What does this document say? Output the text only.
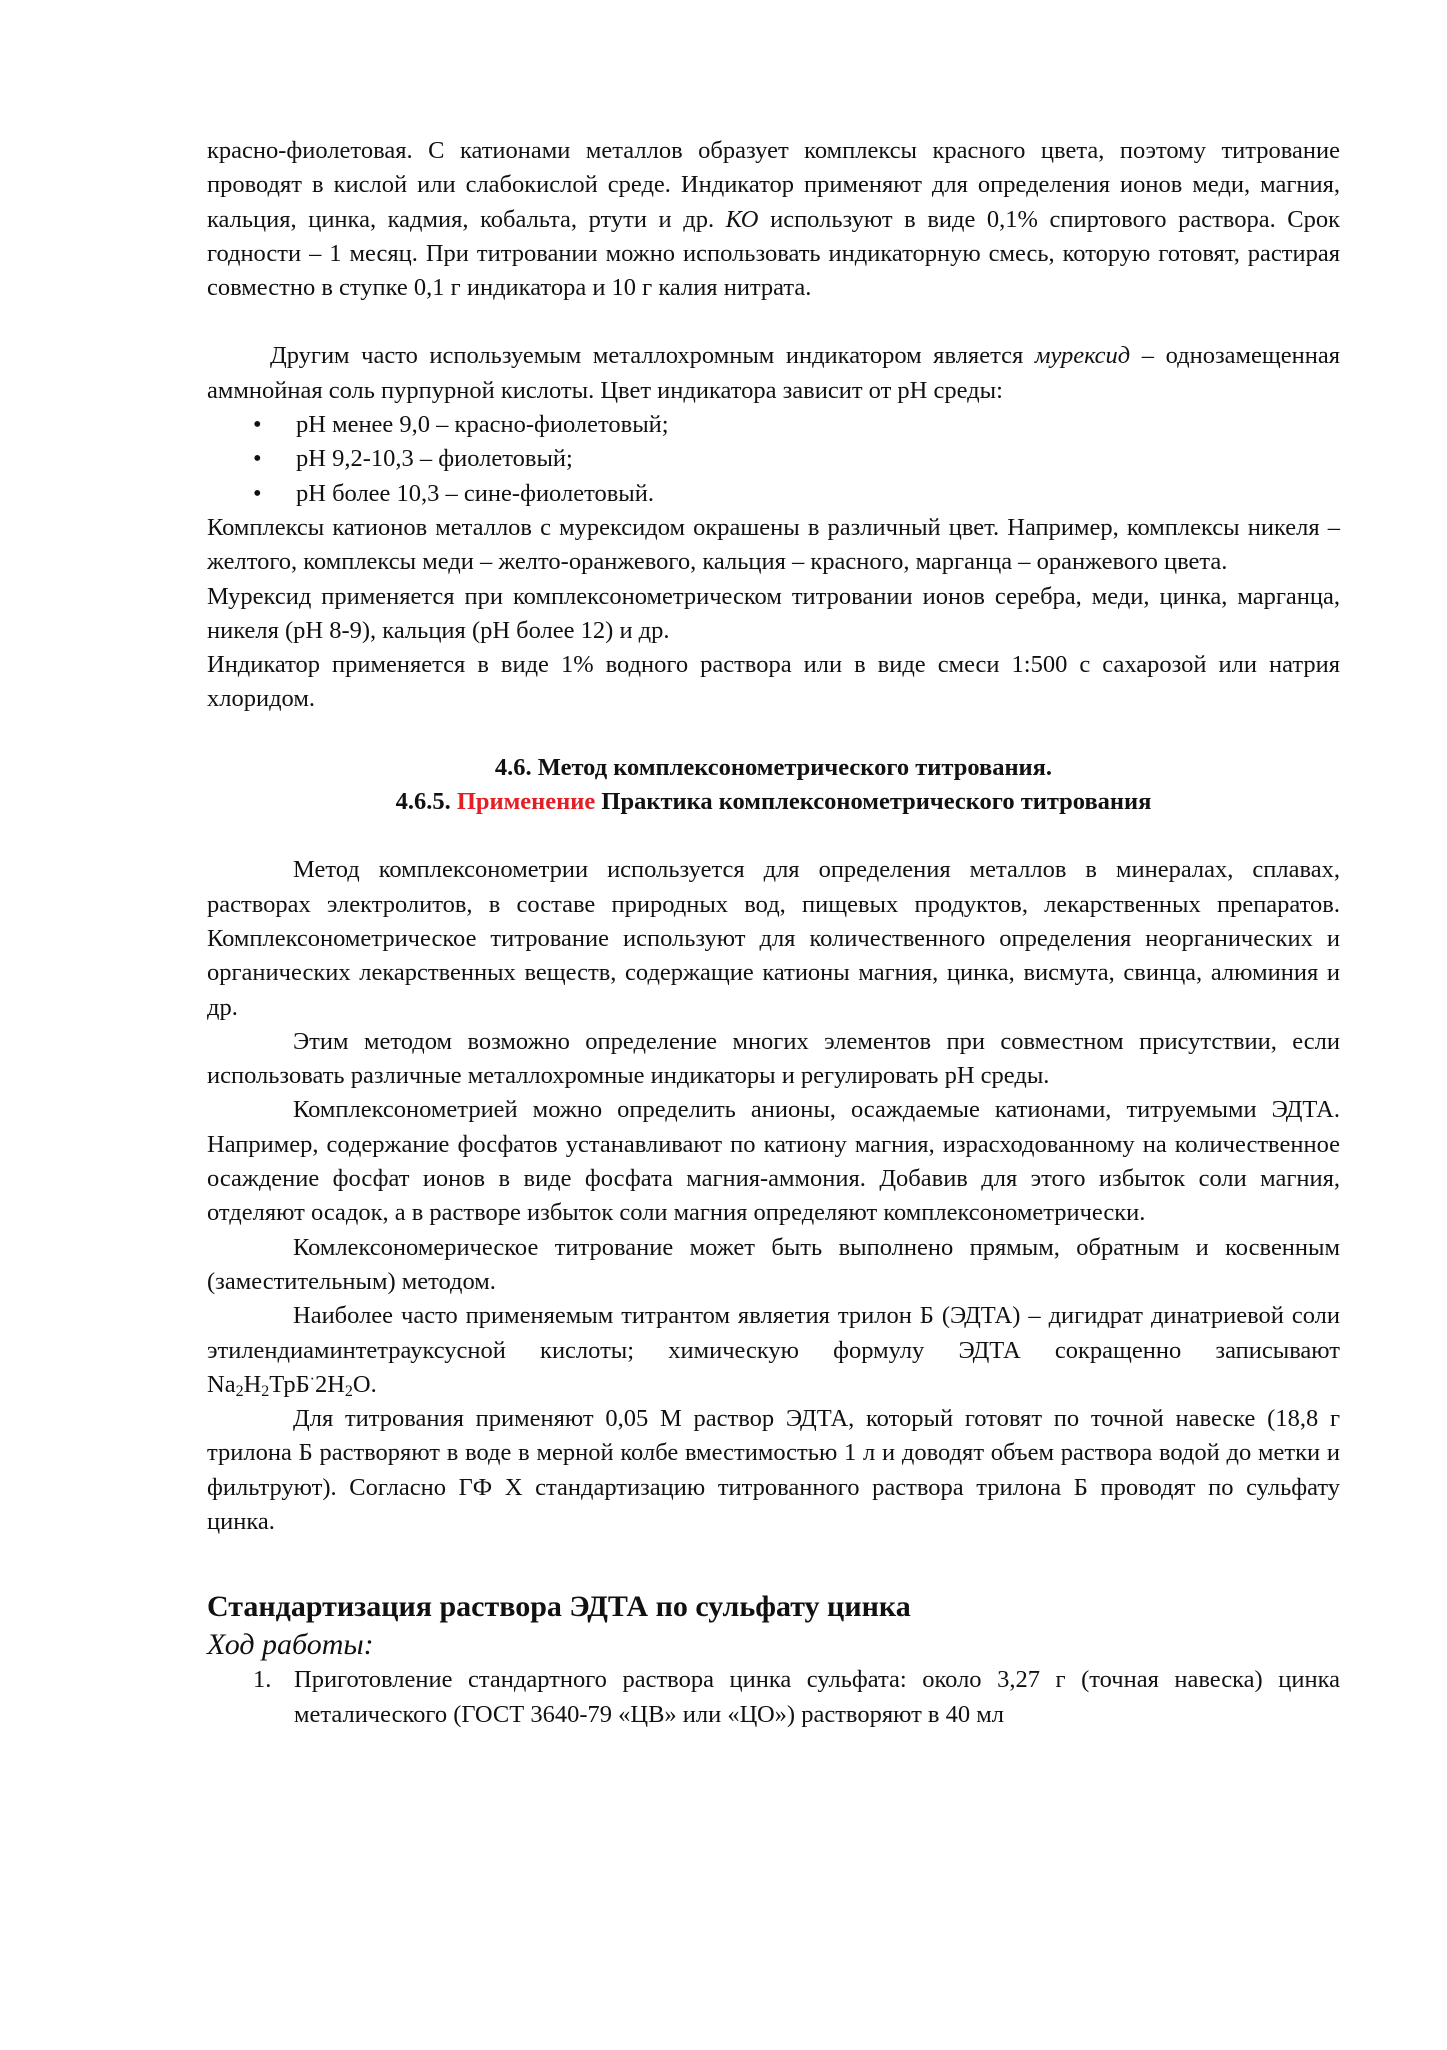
красно-фиолетовая. С катионами металлов образует комплексы красного цвета, поэтому титрование проводят в кислой или слабокислой среде. Индикатор применяют для определения ионов меди, магния, кальция, цинка, кадмия, кобальта, ртути и др. КО используют в виде 0,1% спиртового раствора. Срок годности – 1 месяц. При титровании можно использовать индикаторную смесь, которую готовят, растирая совместно в ступке 0,1 г индикатора и 10 г калия нитрата.

Другим часто используемым металлохромным индикатором является мурексид – однозамещенная аммнойная соль пурпурной кислоты. Цвет индикатора зависит от рН среды:

• рН менее 9,0 – красно-фиолетовый;
• рН 9,2-10,3 – фиолетовый;
• рН более 10,3 – сине-фиолетовый.

Комплексы катионов металлов с мурексидом окрашены в различный цвет. Например, комплексы никеля – желтого, комплексы меди – желто-оранжевого, кальция – красного, марганца – оранжевого цвета.

Мурексид применяется при комплексонометрическом титровании ионов серебра, меди, цинка, марганца, никеля (рН 8-9), кальция (рН более 12) и др.

Индикатор применяется в виде 1% водного раствора или в виде смеси 1:500 с сахарозой или натрия хлоридом.

4.6. Метод комплексонометрического титрования.

4.6.5. Применение Практика комплексонометрического титрования

Метод комплексонометрии используется для определения металлов в минералах, сплавах, растворах электролитов, в составе природных вод, пищевых продуктов, лекарственных препаратов. Комплексонометрическое титрование используют для количественного определения неорганических и органических лекарственных веществ, содержащие катионы магния, цинка, висмута, свинца, алюминия и др.

Этим методом возможно определение многих элементов при совместном присутствии, если использовать различные металлохромные индикаторы и регулировать рН среды.

Комплексонометрией можно определить анионы, осаждаемые катионами, титруемыми ЭДТА. Например, содержание фосфатов устанавливают по катиону магния, израсходованному на количественное осаждение фосфат ионов в виде фосфата магния-аммония. Добавив для этого избыток соли магния, отделяют осадок, а в растворе избыток соли магния определяют комплексонометрически.

Комлексономерическое титрование может быть выполнено прямым, обратным и косвенным (заместительным) методом.

Наиболее часто применяемым титрантом являетия трилон Б (ЭДТА) – дигидрат динатриевой соли этилендиаминтетрауксусной кислоты; химическую формулу ЭДТА сокращенно записывают $Na_2H_2ТрБ^\cdot 2H_2O$.

Для титрования применяют 0,05 М раствор ЭДТА, который готовят по точной навеске (18,8 г трилона Б растворяют в воде в мерной колбе вместимостью 1 л и доводят объем раствора водой до метки и фильтруют). Согласно ГФ Х стандартизацию титрованного раствора трилона Б проводят по сульфату цинка.

Стандартизация раствора ЭДТА по сульфату цинка

Ход работы:

1. Приготовление стандартного раствора цинка сульфата: около 3,27 г (точная навеска) цинка металического (ГОСТ 3640-79 «ЦВ» или «ЦО») растворяют в 40 мл
